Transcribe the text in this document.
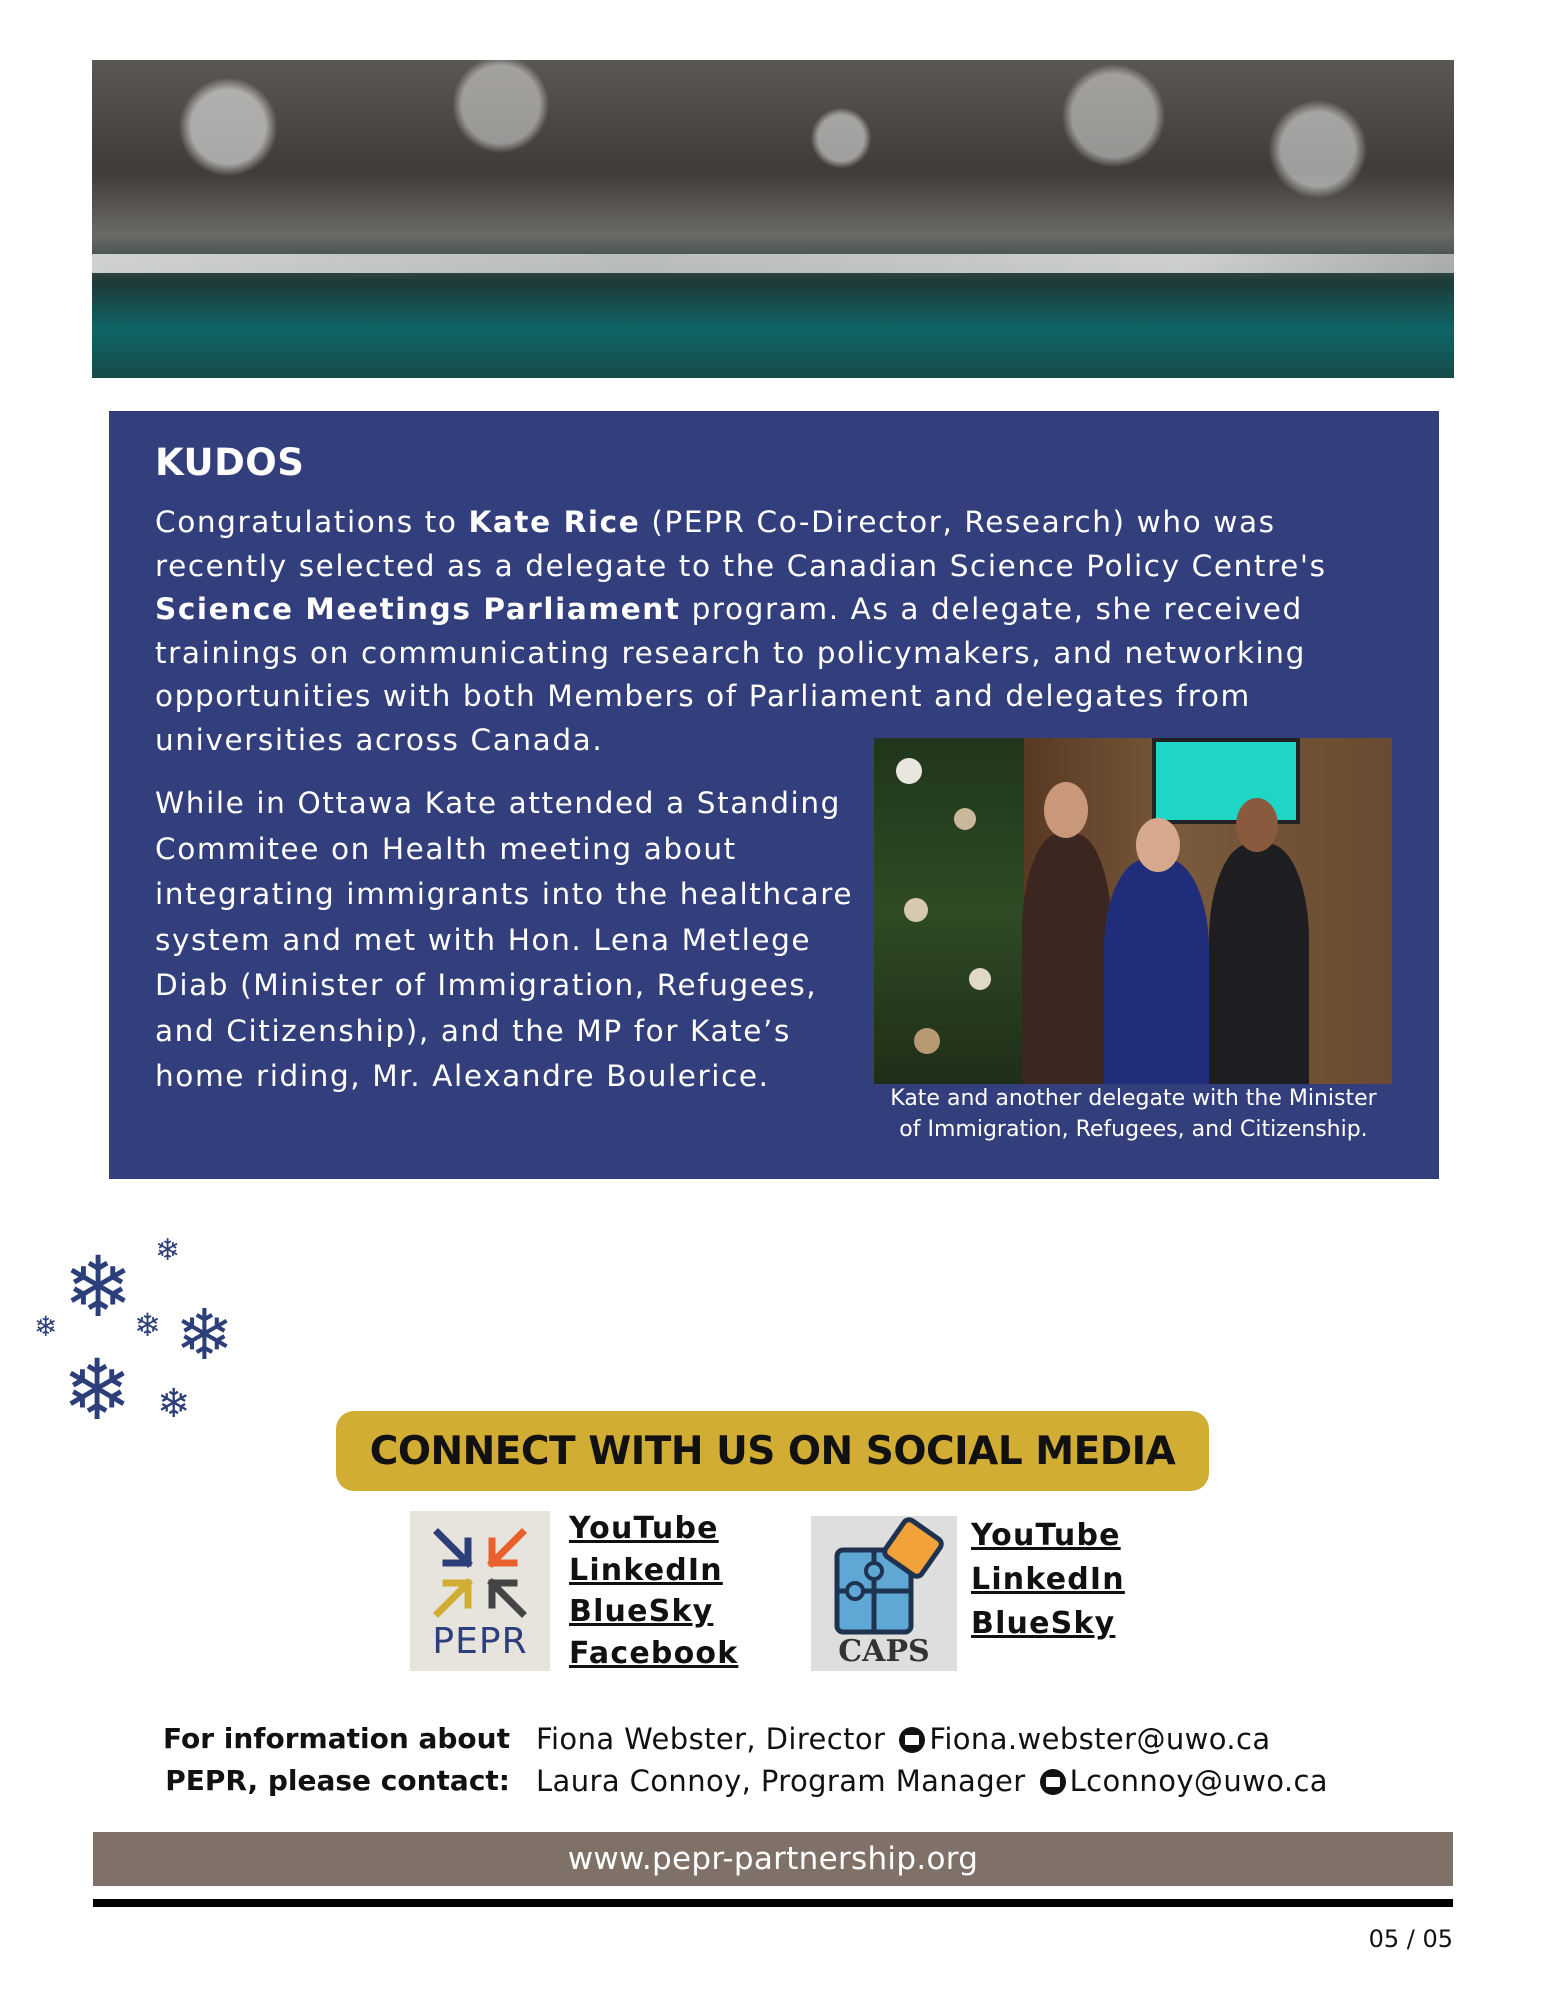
KUDOS
Congratulations to Kate Rice (PEPR Co-Director, Research) who was recently selected as a delegate to the Canadian Science Policy Centre's Science Meetings Parliament program. As a delegate, she received trainings on communicating research to policymakers, and networking opportunities with both Members of Parliament and delegates from universities across Canada.
While in Ottawa Kate attended a Standing Commitee on Health meeting about integrating immigrants into the healthcare system and met with Hon. Lena Metlege Diab (Minister of Immigration, Refugees, and Citizenship), and the MP for Kate’s home riding, Mr. Alexandre Boulerice.
Kate and another delegate with the Minister
of Immigration, Refugees, and Citizenship.
❄ ❄
❄ ❄ ❄
❄ ❄
CONNECT WITH US ON SOCIAL MEDIA
PEPR
YouTube
LinkedIn
BlueSky
Facebook	CAPS
YouTube
LinkedIn
BlueSky
For information about
PEPR, please contact:
Fiona Webster, Director Fiona.webster@uwo.ca
Laura Connoy, Program Manager Lconnoy@uwo.ca
www.pepr-partnership.org
05 / 05
